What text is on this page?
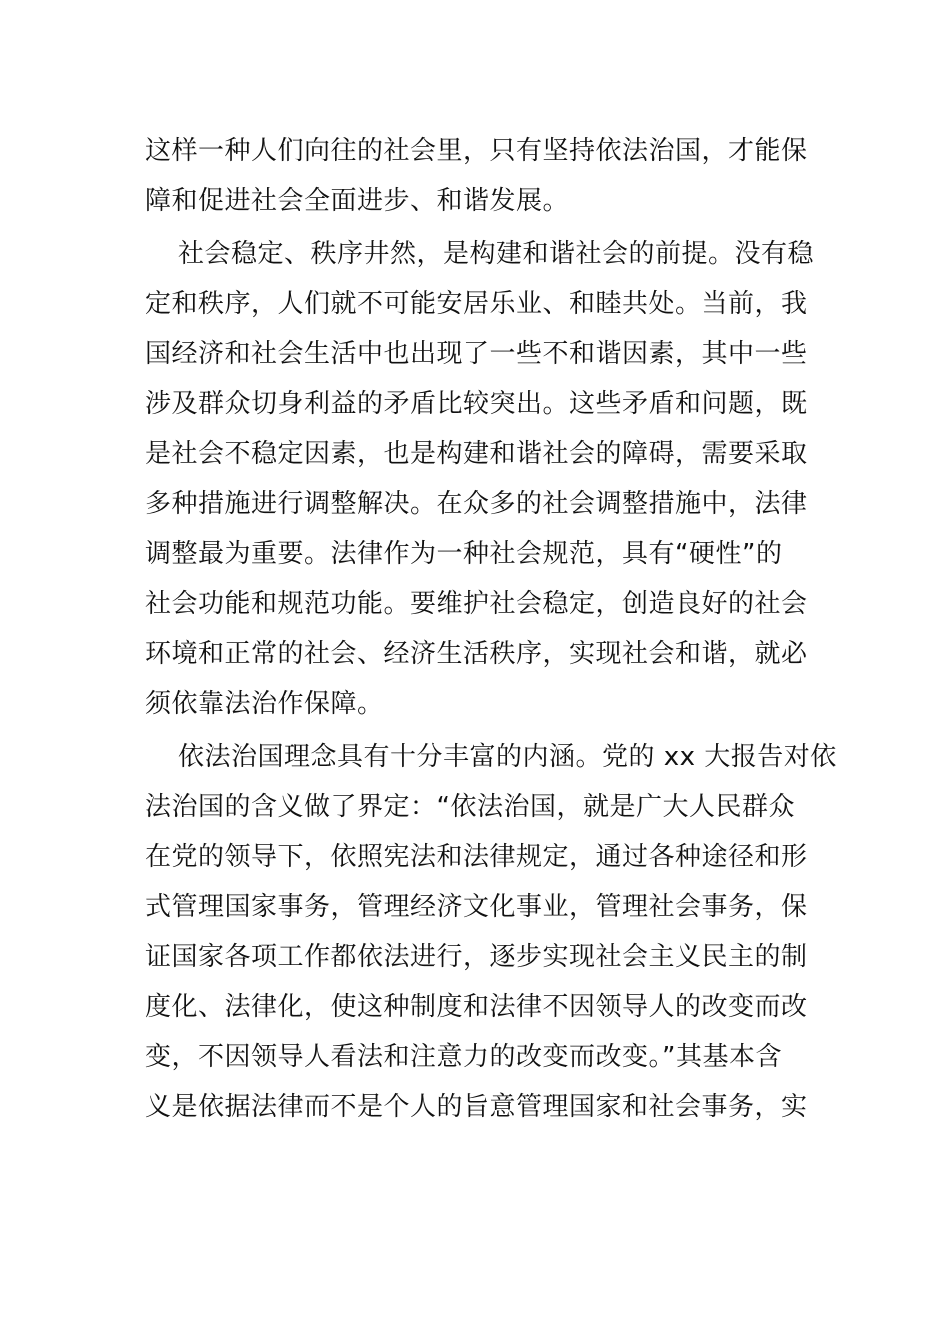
这样一种人们向往的社会里，只有坚持依法治国，才能保
障和促进社会全面进步、和谐发展。

社会稳定、秩序井然，是构建和谐社会的前提。没有稳
定和秩序，人们就不可能安居乐业、和睦共处。当前，我
国经济和社会生活中也出现了一些不和谐因素，其中一些
涉及群众切身利益的矛盾比较突出。这些矛盾和问题，既
是社会不稳定因素，也是构建和谐社会的障碍，需要采取
多种措施进行调整解决。在众多的社会调整措施中，法律
调整最为重要。法律作为一种社会规范，具有“硬性”的
社会功能和规范功能。要维护社会稳定，创造良好的社会
环境和正常的社会、经济生活秩序，实现社会和谐，就必
须依靠法治作保障。

依法治国理念具有十分丰富的内涵。党的 xx 大报告对依
法治国的含义做了界定：“依法治国，就是广大人民群众
在党的领导下，依照宪法和法律规定，通过各种途径和形
式管理国家事务，管理经济文化事业，管理社会事务，保
证国家各项工作都依法进行，逐步实现社会主义民主的制
度化、法律化，使这种制度和法律不因领导人的改变而改
变，不因领导人看法和注意力的改变而改变。”其基本含
义是依据法律而不是个人的旨意管理国家和社会事务，实
